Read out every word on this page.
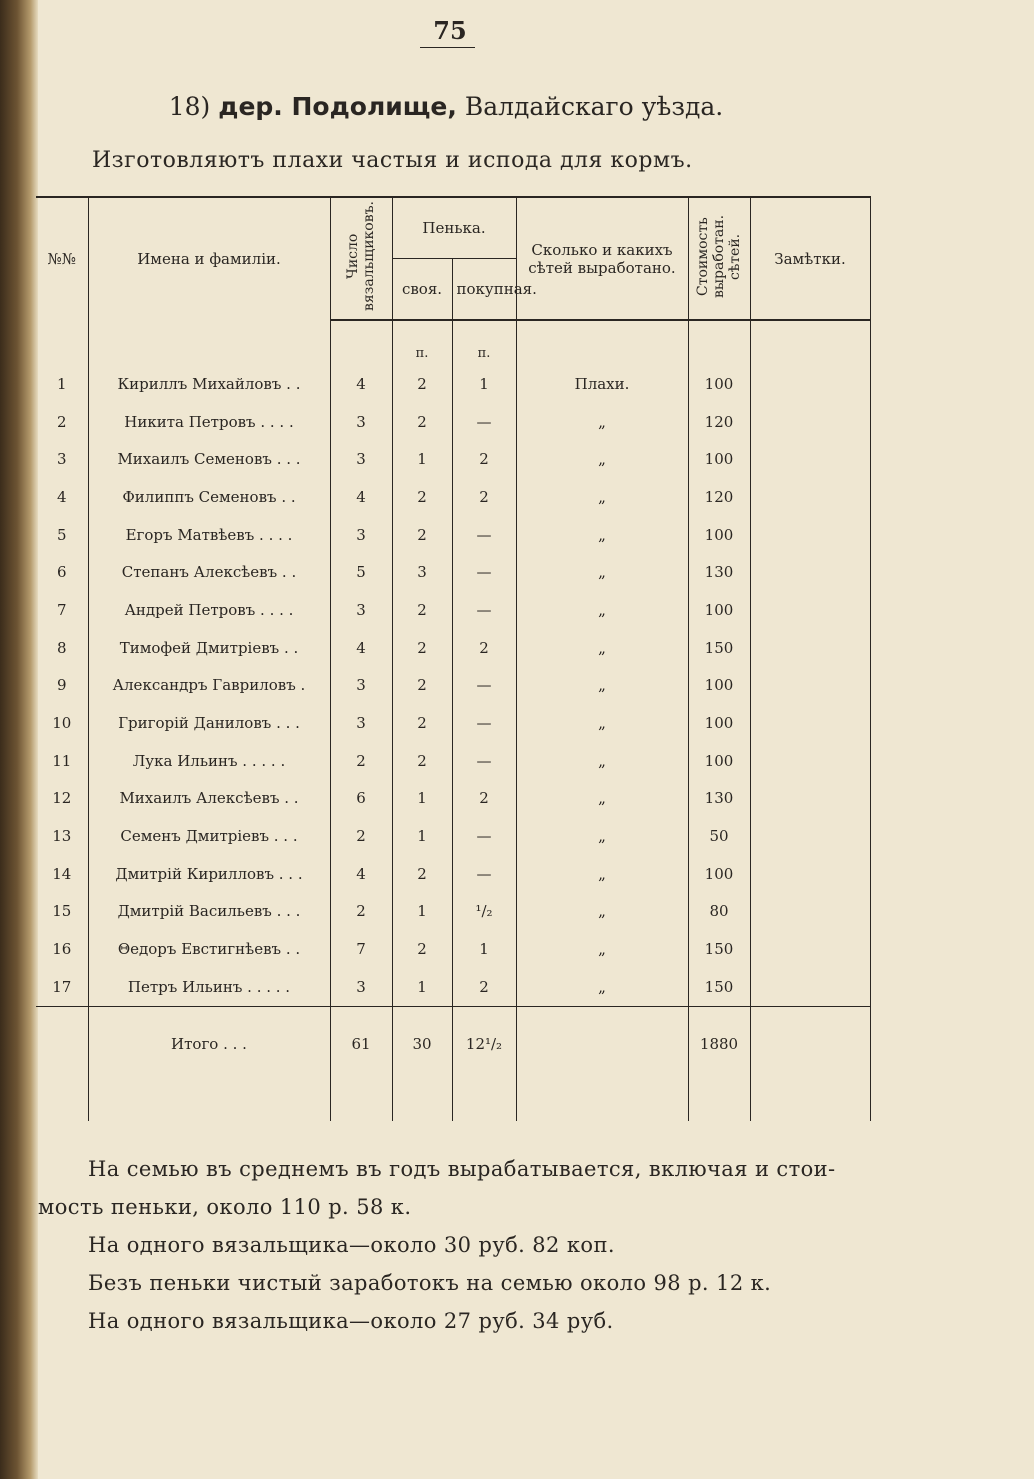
75
18) дер. Подолище, Валдайскаго уѣзда.
Изготовляютъ плахи частыя и испода для кормъ.
№№	Имена и фамиліи.	Число вязальщиковъ.	Пенька.		Сколько и какихъ сѣтей выработано.	Стоимость выработан. сѣтей.	Замѣтки.
			своя.	покупная.			
			п.	п.			
1	Кириллъ Михайловъ . .	4	2	1	Плахи.	100	
2	Никита Петровъ . . . .	3	2	—	„	120	
3	Михаилъ Семеновъ . . .	3	1	2	„	100	
4	Филиппъ Семеновъ . .	4	2	2	„	120	
5	Егоръ Матвѣевъ . . . .	3	2	—	„	100	
6	Степанъ Алексѣевъ . .	5	3	—	„	130	
7	Андрей Петровъ . . . .	3	2	—	„	100	
8	Тимофей Дмитріевъ . .	4	2	2	„	150	
9	Александръ Гавриловъ .	3	2	—	„	100	
10	Григорій Даниловъ . . .	3	2	—	„	100	
11	Лука Ильинъ . . . . .	2	2	—	„	100	
12	Михаилъ Алексѣевъ . .	6	1	2	„	130	
13	Семенъ Дмитріевъ . . .	2	1	—	„	50	
14	Дмитрій Кирилловъ . . .	4	2	—	„	100	
15	Дмитрій Васильевъ . . .	2	1	¹/₂	„	80	
16	Θедоръ Евстигнѣевъ . .	7	2	1	„	150	
17	Петръ Ильинъ . . . . .	3	1	2	„	150	
	Итого . . .	61	30	12¹/₂		1880	

На семью въ среднемъ въ годъ вырабатывается, включая и стои-
мость пеньки, около 110 р. 58 к.
На одного вязальщика—около 30 руб. 82 коп.
Безъ пеньки чистый заработокъ на семью около 98 р. 12 к.
На одного вязальщика—около 27 руб. 34 руб.
